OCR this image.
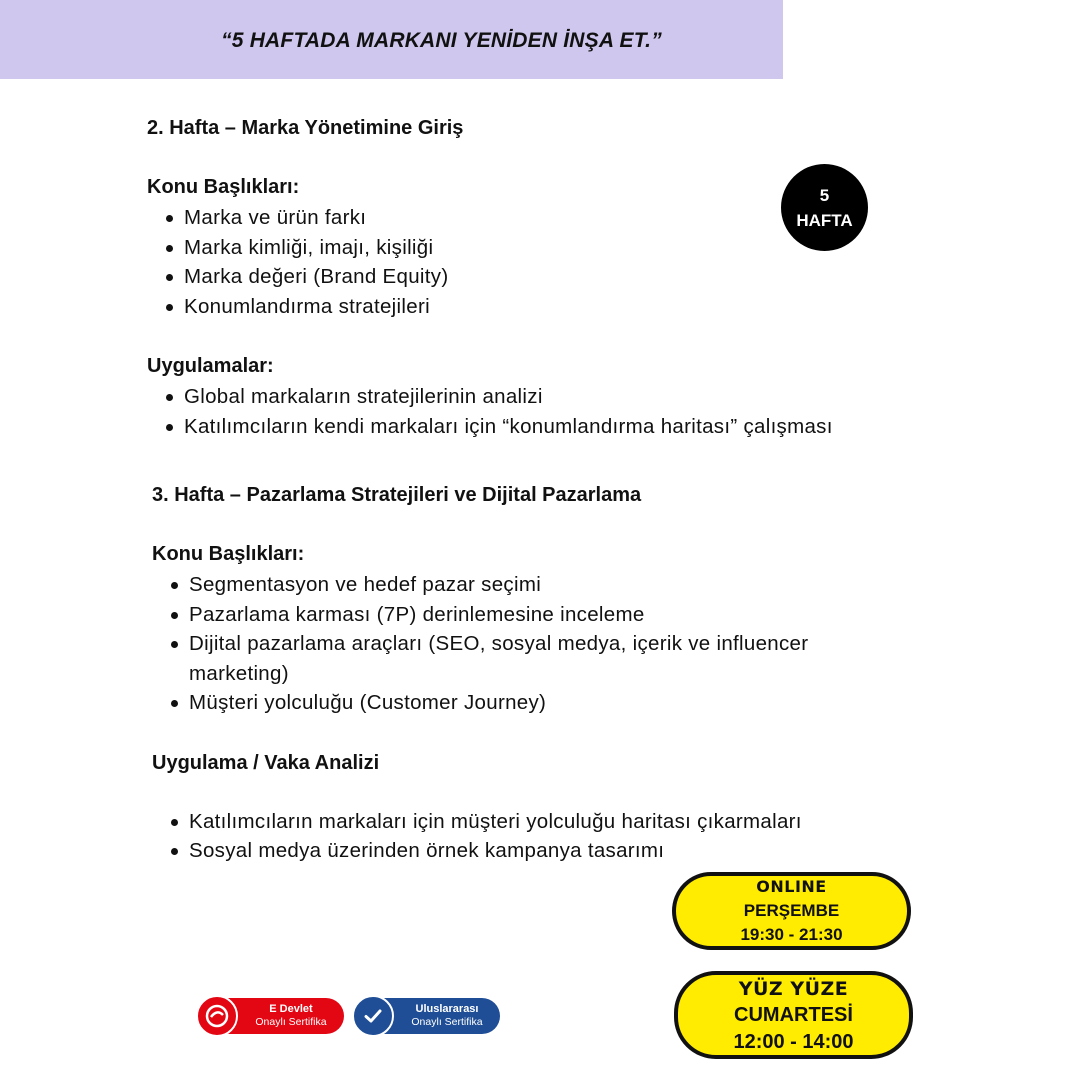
“5 HAFTADA MARKANI YENİDEN İNŞA ET.”
5
HAFTA

2. Hafta – Marka Yönetimine Giriş

Konu Başlıkları:

Marka ve ürün farkı
Marka kimliği, imajı, kişiliği
Marka değeri (Brand Equity)
Konumlandırma stratejileri

Uygulamalar:

Global markaların stratejilerinin analizi
Katılımcıların kendi markaları için “konumlandırma haritası” çalışması

3. Hafta – Pazarlama Stratejileri ve Dijital Pazarlama

Konu Başlıkları:

Segmentasyon ve hedef pazar seçimi
Pazarlama karması (7P) derinlemesine inceleme
Dijital pazarlama araçları (SEO, sosyal medya, içerik ve influencer marketing)
Müşteri yolculuğu (Customer Journey)

Uygulama / Vaka Analizi

Katılımcıların markaları için müşteri yolculuğu haritası çıkarmaları
Sosyal medya üzerinden örnek kampanya tasarımı
ONLINE
PERŞEMBE
19:30 - 21:30
YÜZ YÜZE
CUMARTESİ
12:00 - 14:00
E Devlet
Onaylı Sertifika
Uluslararası
Onaylı Sertifika
